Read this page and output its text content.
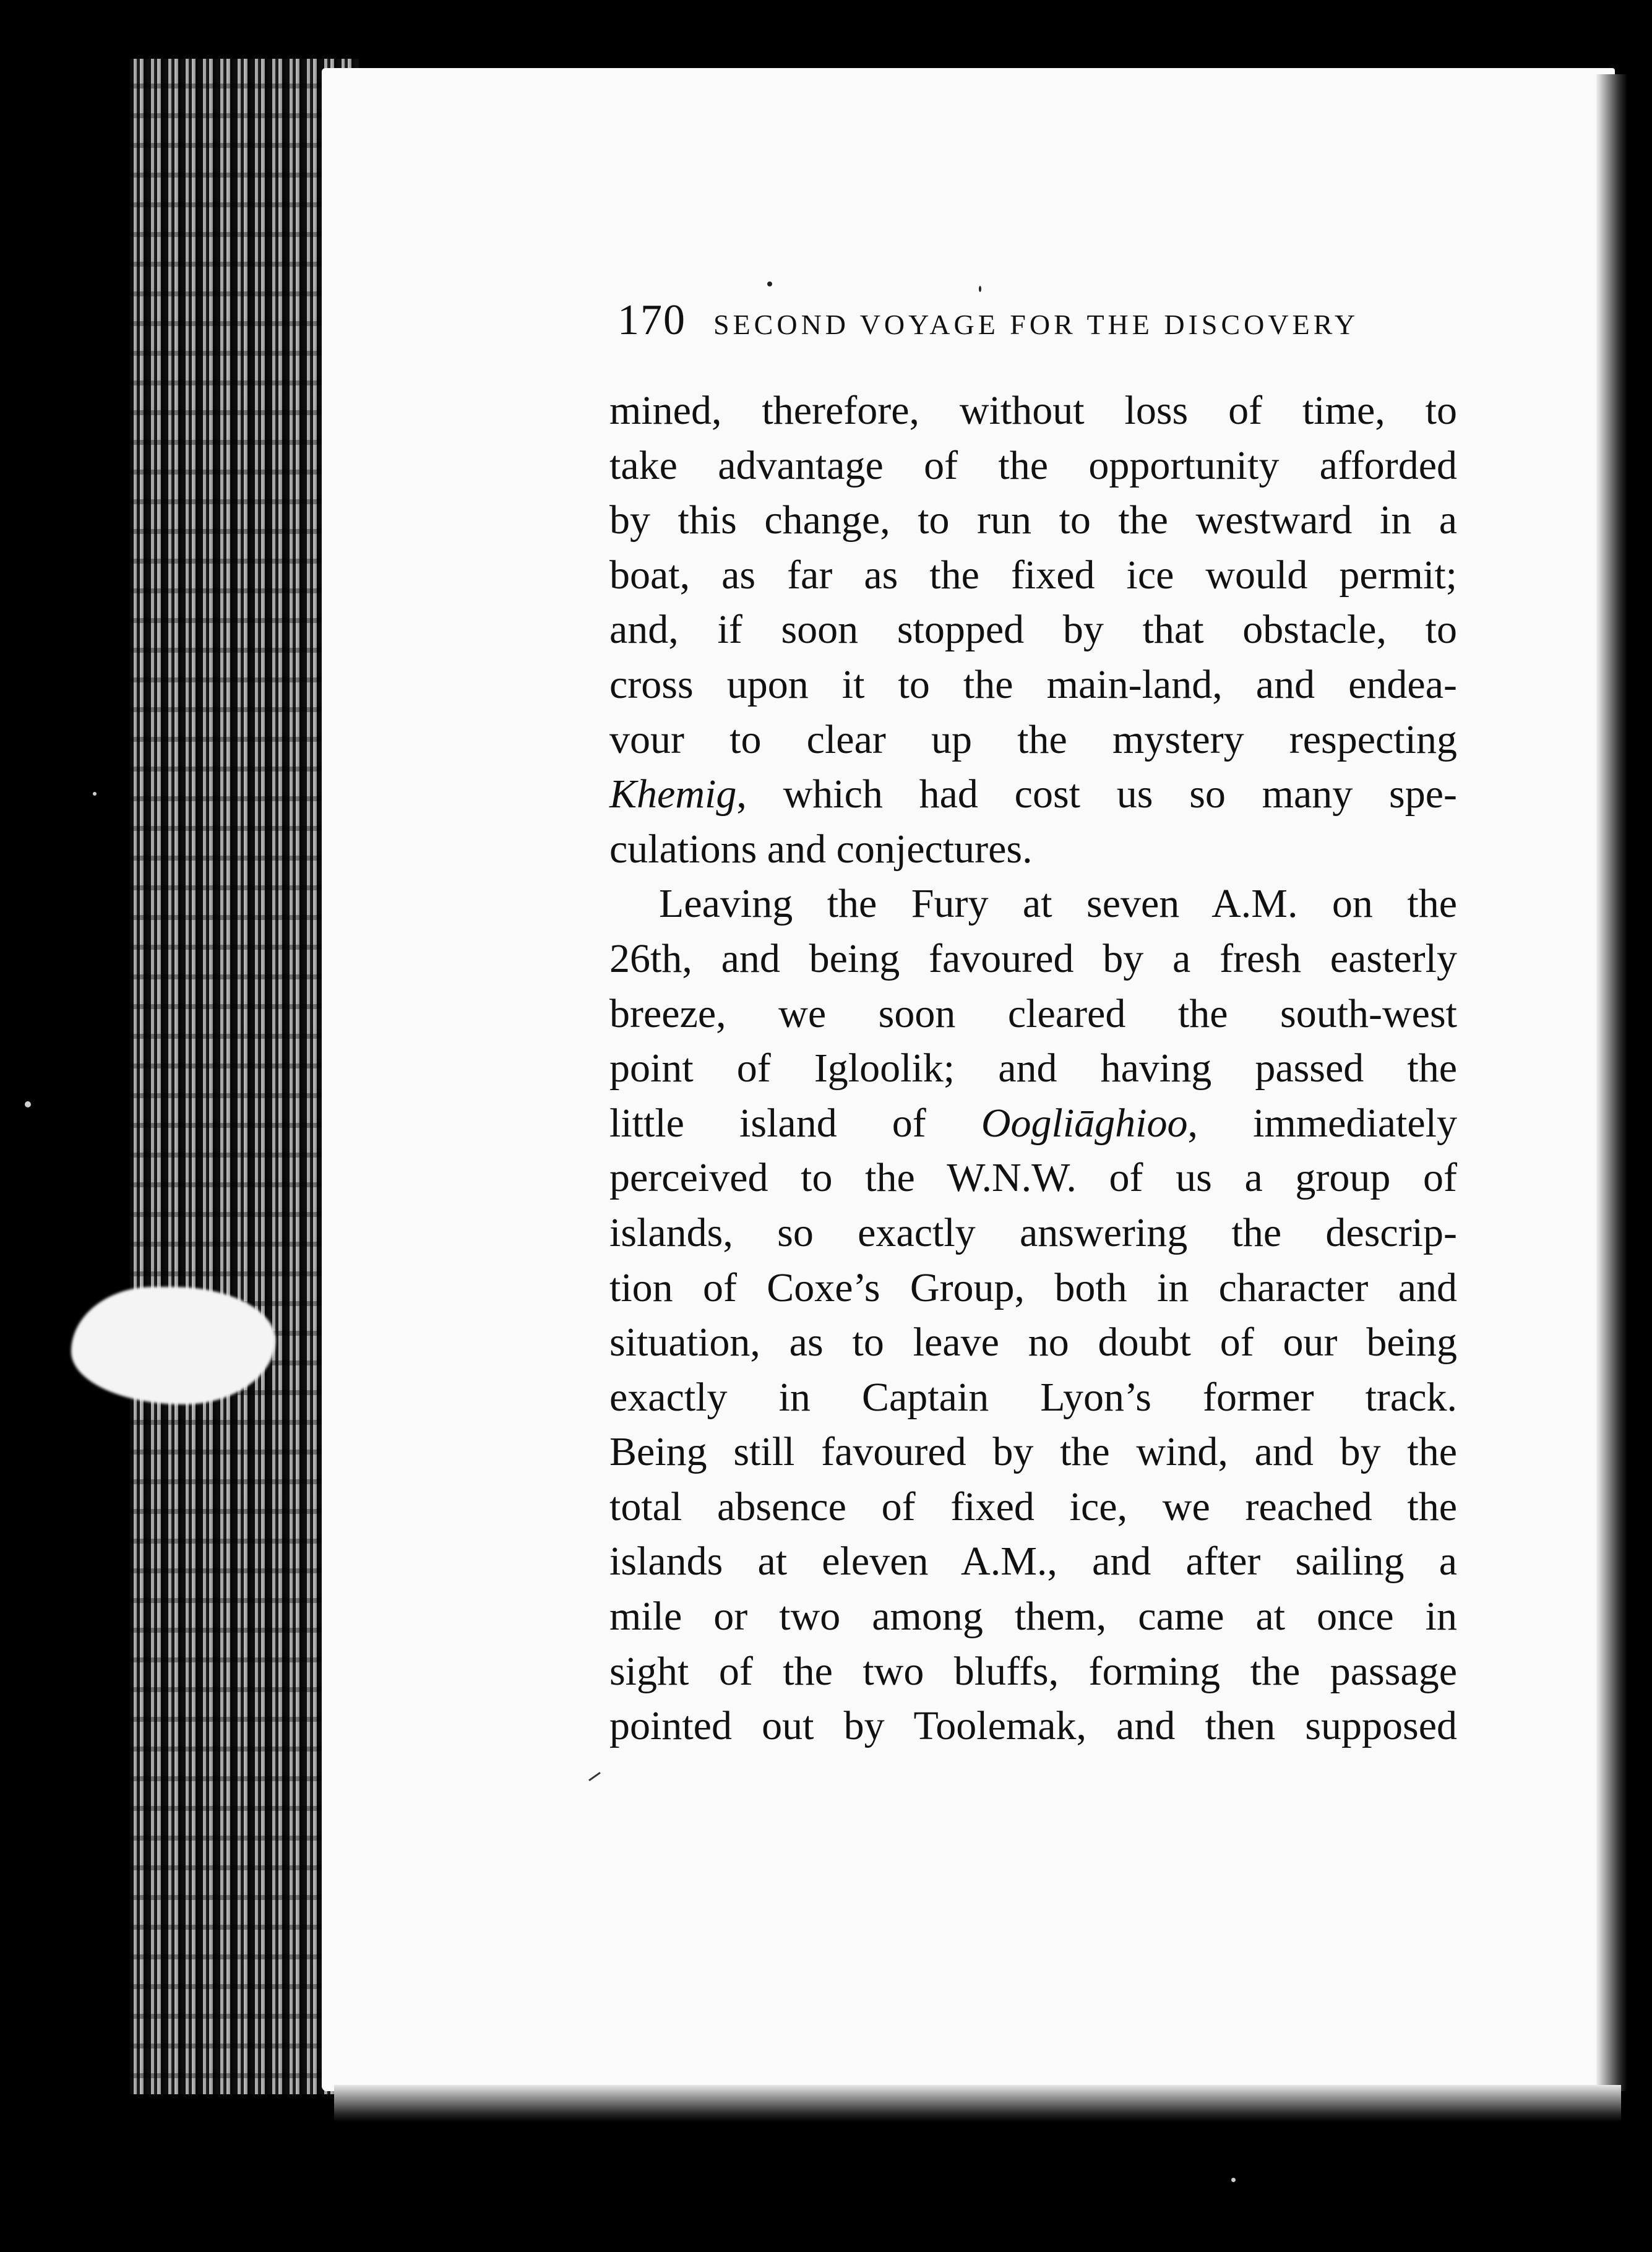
170 SECOND VOYAGE FOR THE DISCOVERY
mined, therefore, without loss of time, to
take advantage of the opportunity afforded
by this change, to run to the westward in a
boat, as far as the fixed ice would permit;
and, if soon stopped by that obstacle, to
cross upon it to the main-land, and endea-
vour to clear up the mystery respecting
Khemig, which had cost us so many spe-
culations and conjectures.
Leaving the Fury at seven A.M. on the
26th, and being favoured by a fresh easterly
breeze, we soon cleared the south-west
point of Igloolik; and having passed the
little island of Oogliāghioo, immediately
perceived to the W.N.W. of us a group of
islands, so exactly answering the descrip-
tion of Coxe’s Group, both in character and
situation, as to leave no doubt of our being
exactly in Captain Lyon’s former track.
Being still favoured by the wind, and by the
total absence of fixed ice, we reached the
islands at eleven A.M., and after sailing a
mile or two among them, came at once in
sight of the two bluffs, forming the passage
pointed out by Toolemak, and then supposed
